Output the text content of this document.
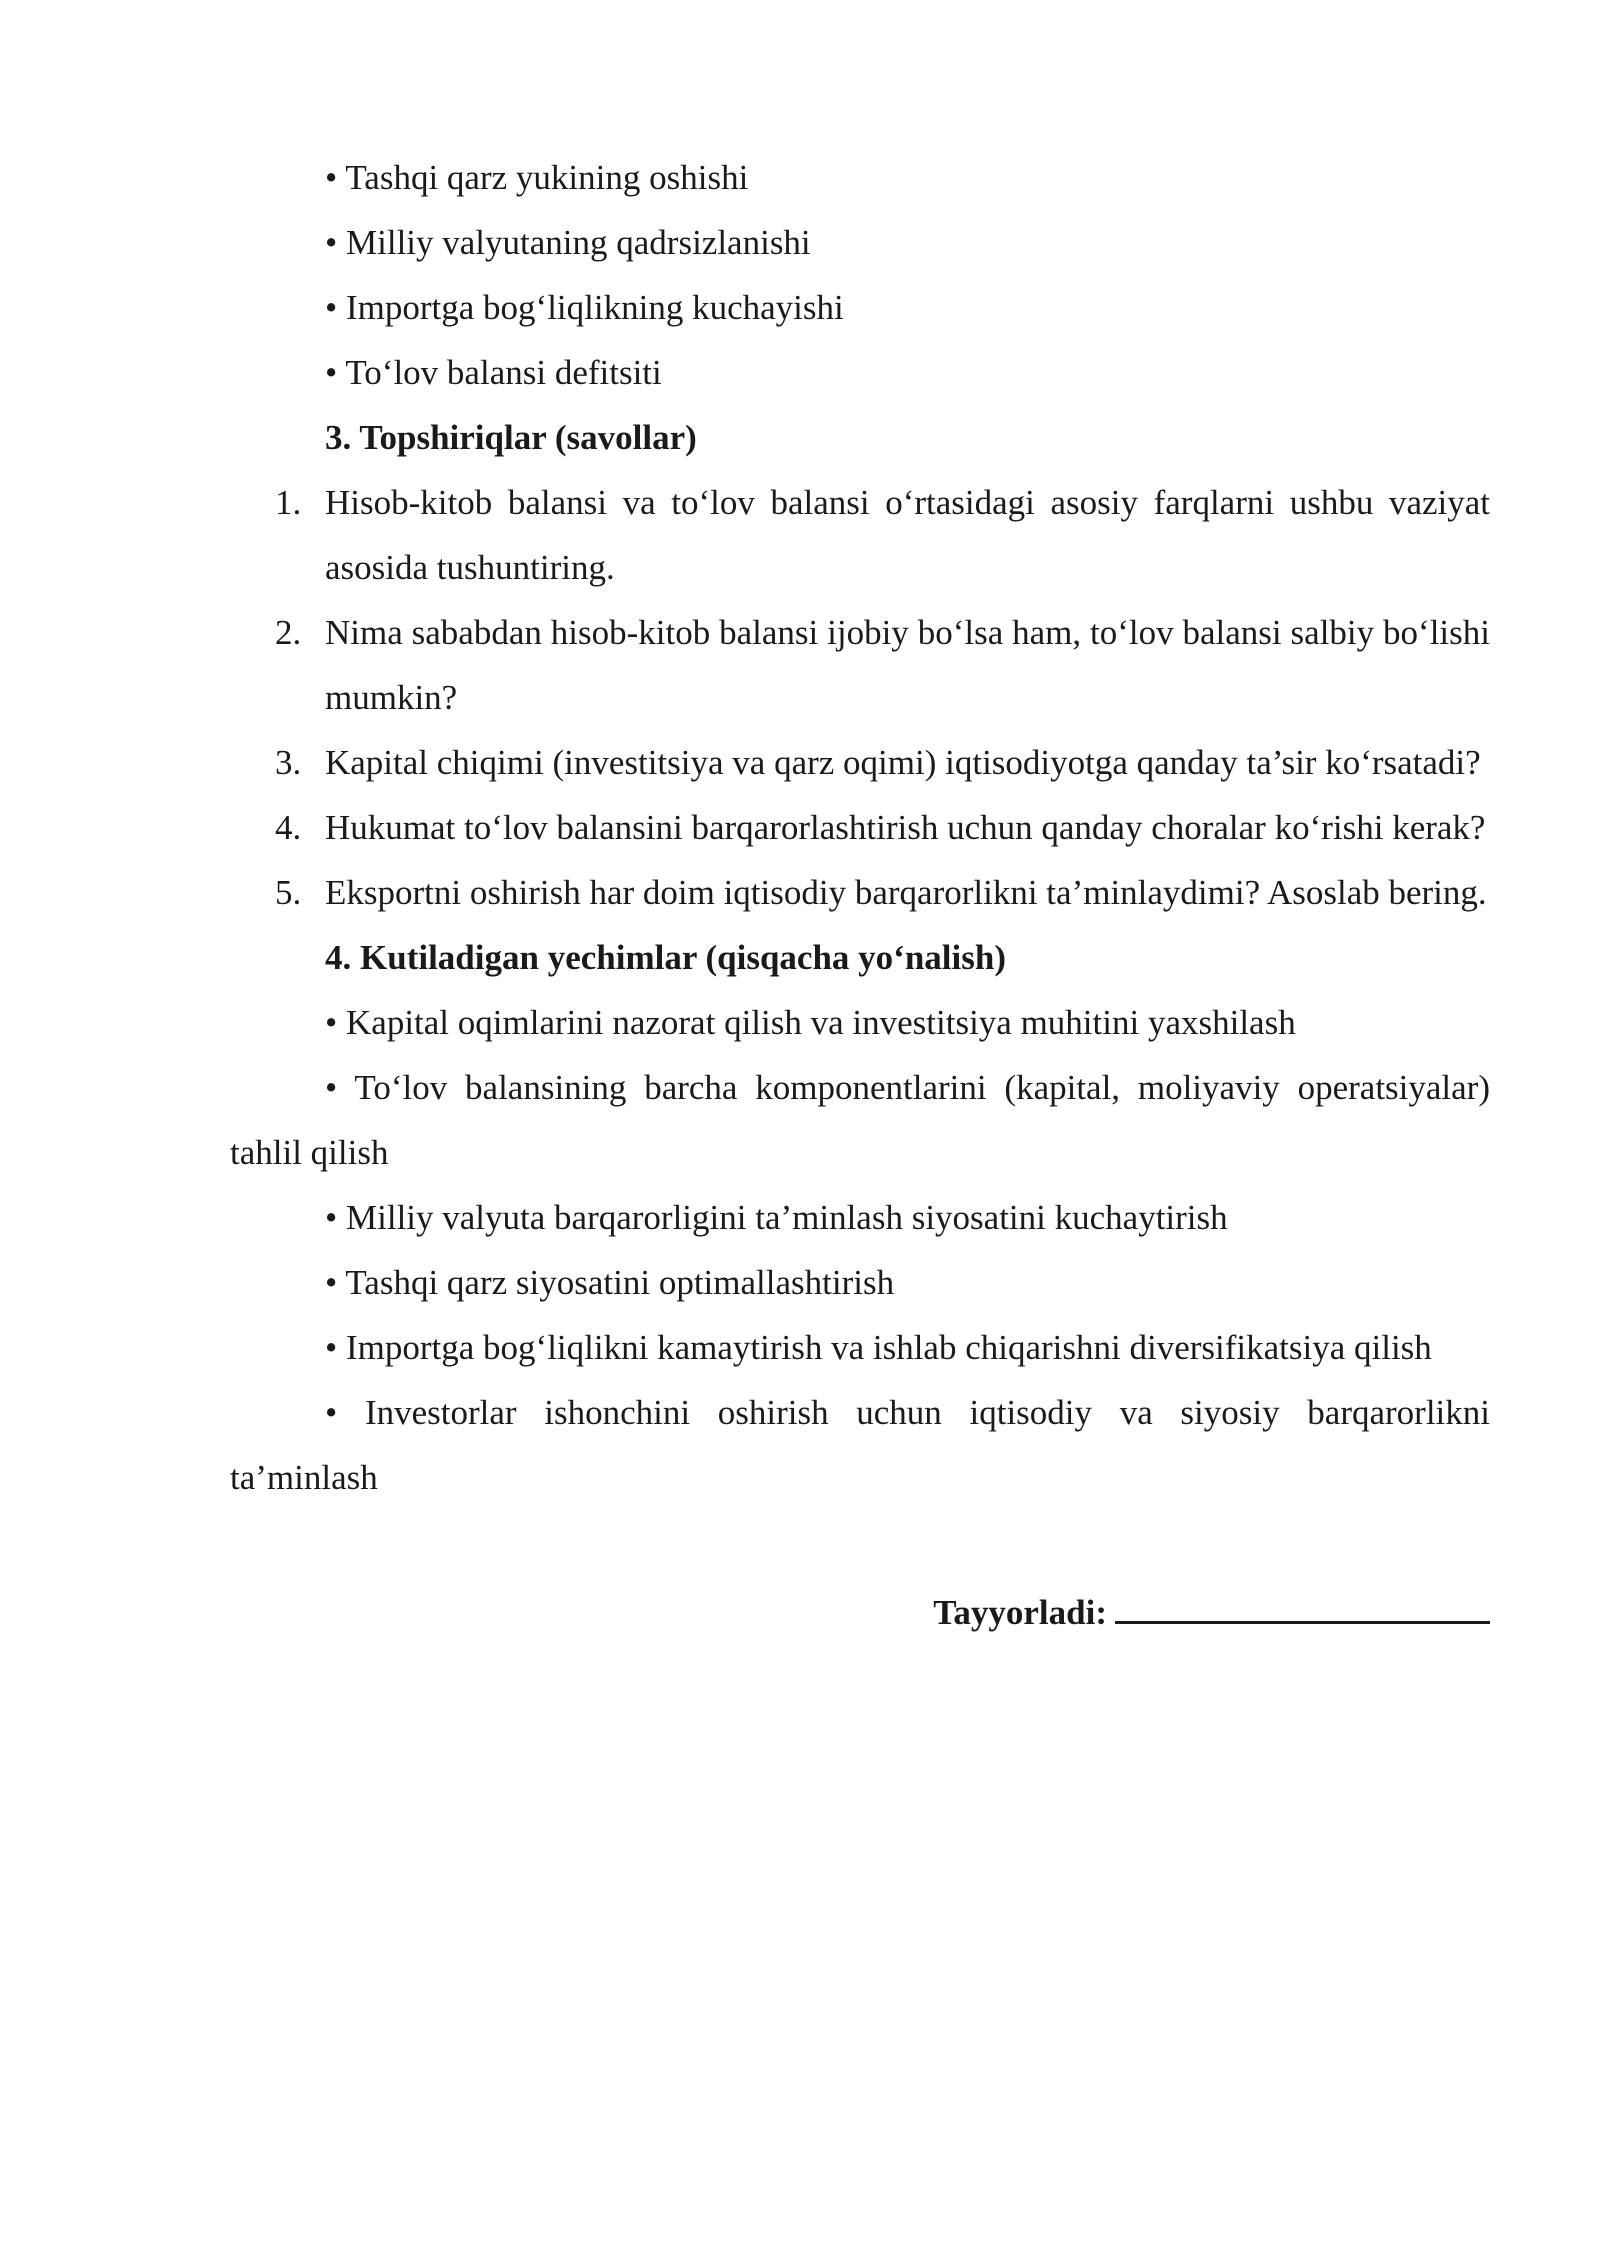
• Tashqi qarz yukining oshishi

• Milliy valyutaning qadrsizlanishi

• Importga bog‘liqlikning kuchayishi

• To‘lov balansi defitsiti

3. Topshiriqlar (savollar)

1. Hisob-kitob balansi va to‘lov balansi o‘rtasidagi asosiy farqlarni ushbu vaziyat asosida tushuntiring.
2. Nima sababdan hisob-kitob balansi ijobiy bo‘lsa ham, to‘lov balansi salbiy bo‘lishi mumkin?
3. Kapital chiqimi (investitsiya va qarz oqimi) iqtisodiyotga qanday ta’sir ko‘rsatadi?
4. Hukumat to‘lov balansini barqarorlashtirish uchun qanday choralar ko‘rishi kerak?
5. Eksportni oshirish har doim iqtisodiy barqarorlikni ta’minlaydimi? Asoslab bering.

4. Kutiladigan yechimlar (qisqacha yo‘nalish)

• Kapital oqimlarini nazorat qilish va investitsiya muhitini yaxshilash

• To‘lov balansining barcha komponentlarini (kapital, moliyaviy operatsiyalar) tahlil qilish

• Milliy valyuta barqarorligini ta’minlash siyosatini kuchaytirish

• Tashqi qarz siyosatini optimallashtirish

• Importga bog‘liqlikni kamaytirish va ishlab chiqarishni diversifikatsiya qilish

• Investorlar ishonchini oshirish uchun iqtisodiy va siyosiy barqarorlikni ta’minlash

Tayyorladi:
